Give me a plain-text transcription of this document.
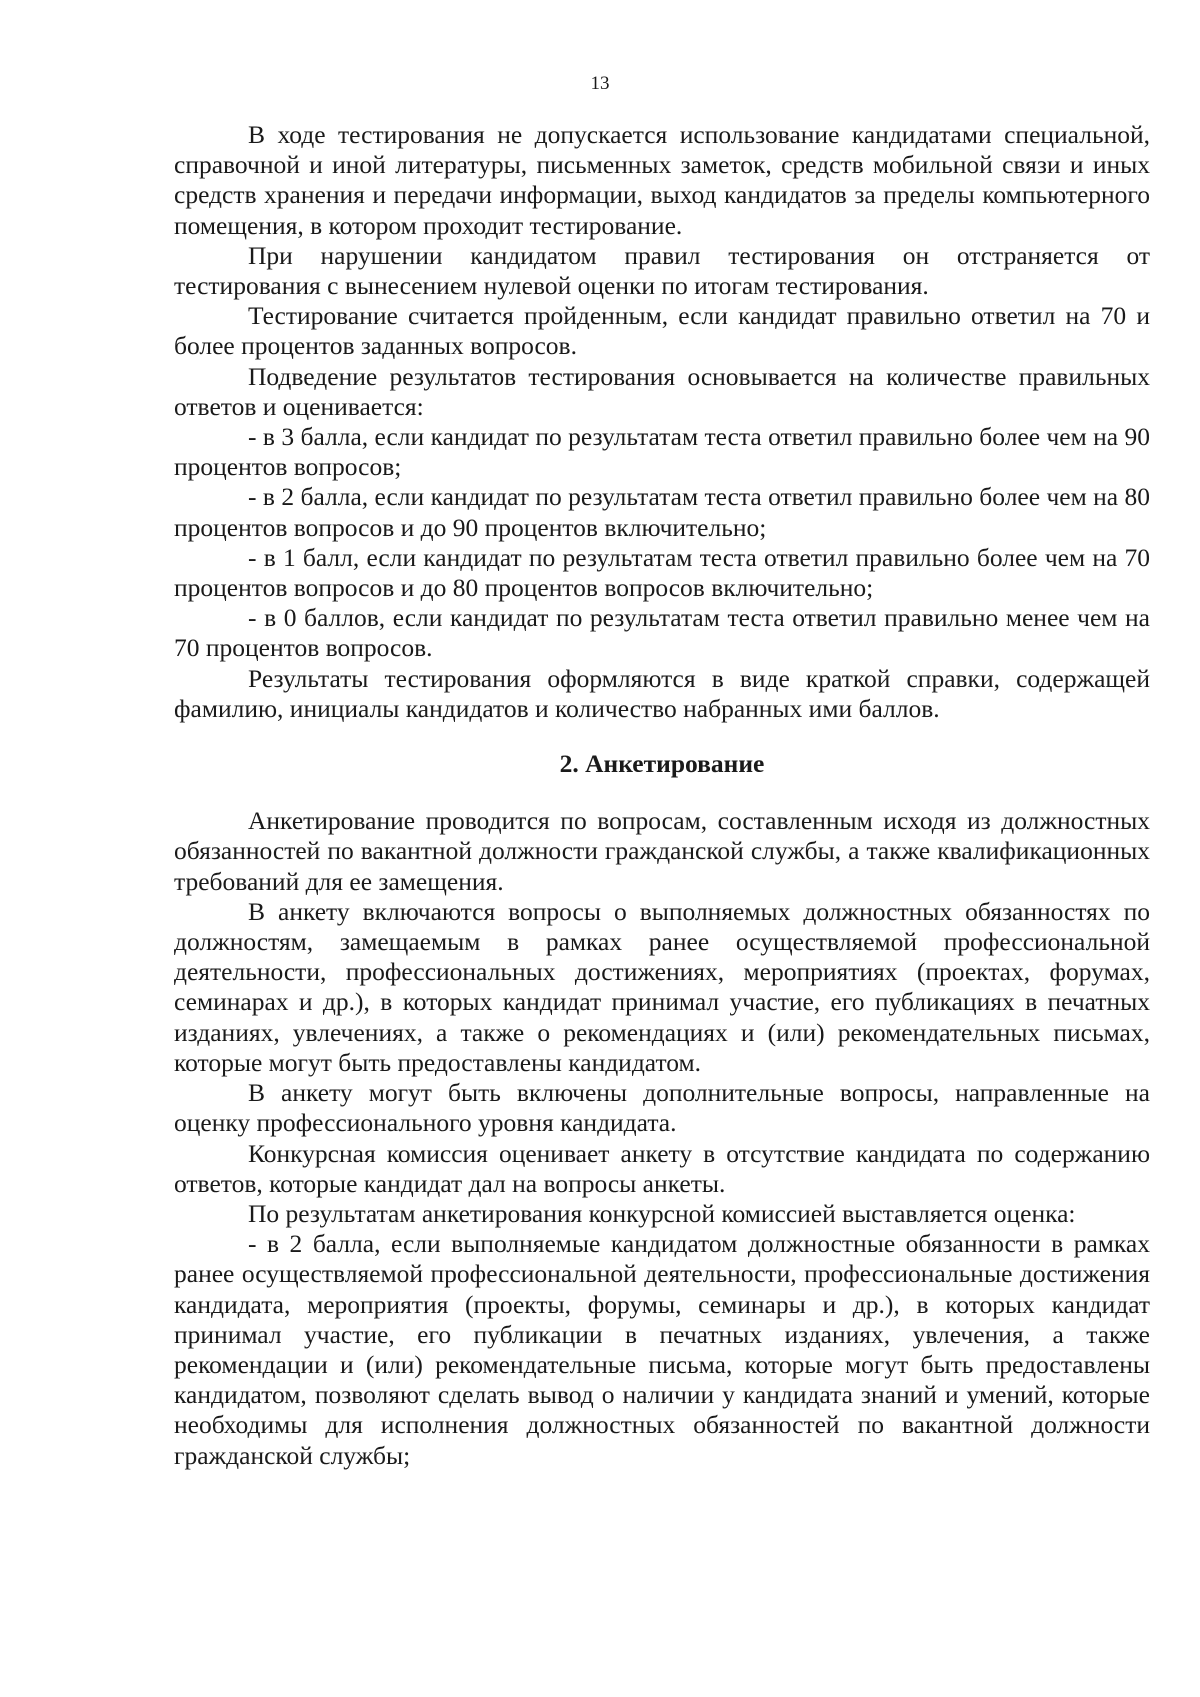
13

В ходе тестирования не допускается использование кандидатами специальной, справочной и иной литературы, письменных заметок, средств мобильной связи и иных средств хранения и передачи информации, выход кандидатов за пределы компьютерного помещения, в котором проходит тестирование.

При нарушении кандидатом правил тестирования он отстраняется от тестирования с вынесением нулевой оценки по итогам тестирования.

Тестирование считается пройденным, если кандидат правильно ответил на 70 и более процентов заданных вопросов.

Подведение результатов тестирования основывается на количестве правильных ответов и оценивается:

- в 3 балла, если кандидат по результатам теста ответил правильно более чем на 90 процентов вопросов;

- в 2 балла, если кандидат по результатам теста ответил правильно более чем на 80 процентов вопросов и до 90 процентов включительно;

- в 1 балл, если кандидат по результатам теста ответил правильно более чем на 70 процентов вопросов и до 80 процентов вопросов включительно;

- в 0 баллов, если кандидат по результатам теста ответил правильно менее чем на 70 процентов вопросов.

Результаты тестирования оформляются в виде краткой справки, содержащей фамилию, инициалы кандидатов и количество набранных ими баллов.

2. Анкетирование

Анкетирование проводится по вопросам, составленным исходя из должностных обязанностей по вакантной должности гражданской службы, а также квалификационных требований для ее замещения.

В анкету включаются вопросы о выполняемых должностных обязанностях по должностям, замещаемым в рамках ранее осуществляемой профессиональной деятельности, профессиональных достижениях, мероприятиях (проектах, форумах, семинарах и др.), в которых кандидат принимал участие, его публикациях в печатных изданиях, увлечениях, а также о рекомендациях и (или) рекомендательных письмах, которые могут быть предоставлены кандидатом.

В анкету могут быть включены дополнительные вопросы, направленные на оценку профессионального уровня кандидата.

Конкурсная комиссия оценивает анкету в отсутствие кандидата по содержанию ответов, которые кандидат дал на вопросы анкеты.

По результатам анкетирования конкурсной комиссией выставляется оценка:

- в 2 балла, если выполняемые кандидатом должностные обязанности в рамках ранее осуществляемой профессиональной деятельности, профессиональные достижения кандидата, мероприятия (проекты, форумы, семинары и др.), в которых кандидат принимал участие, его публикации в печатных изданиях, увлечения, а также рекомендации и (или) рекомендательные письма, которые могут быть предоставлены кандидатом, позволяют сделать вывод о наличии у кандидата знаний и умений, которые необходимы для исполнения должностных обязанностей по вакантной должности гражданской службы;
